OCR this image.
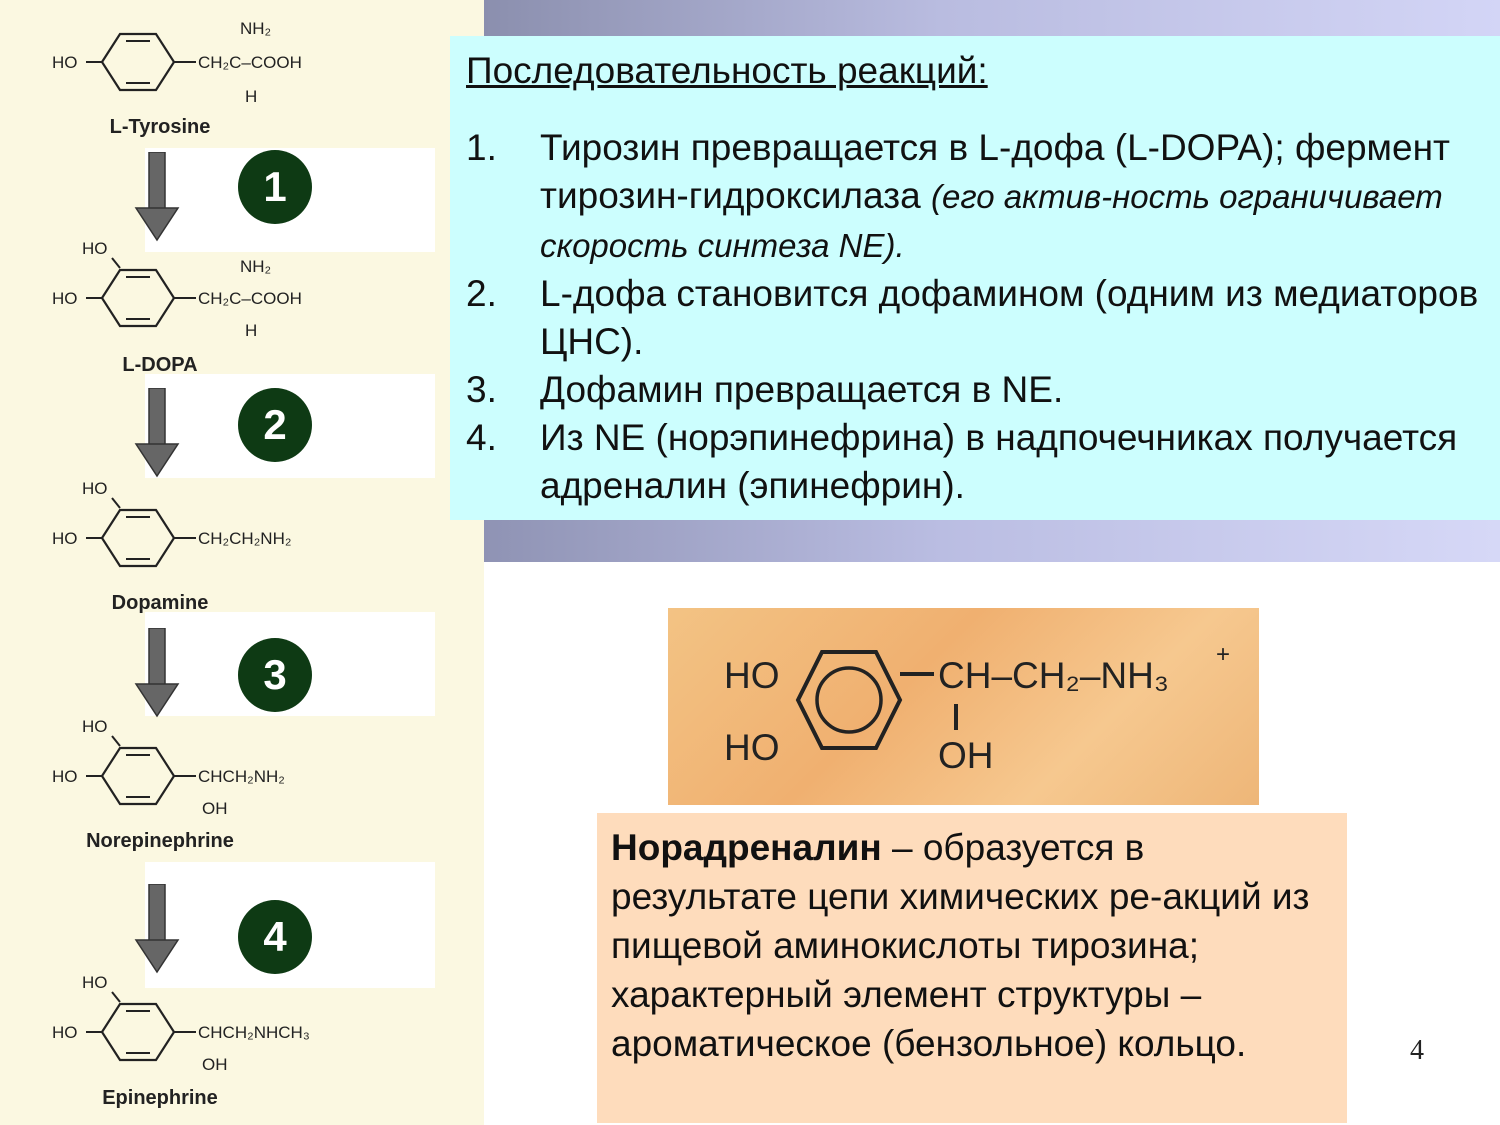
HO	CH₂C–COOH
NH₂
H
L-Tyrosine
1
HO
HO	CH₂C–COOH
NH₂
H
L-DOPA
2
HO
HO	CH₂CH₂NH₂
Dopamine
3
HO
HO	CHCH₂NH₂
OH
Norepinephrine
4
HO
HO	CHCH₂NHCH₃
OH
Epinephrine
Последовательность реакций:
1. Тирозин превращается в L-дофа (L-DOPA); фермент тирозин-гидроксилаза (его актив-ность ограничивает скорость синтеза NE).
2. L-дофа становится дофамином (одним из медиаторов ЦНС).
3. Дофамин превращается в NE.
4. Из NE (норэпинефрина) в надпочечниках получается адреналин (эпинефрин).
HO
HO
CH–CH₂–NH₃
+
OH

Норадреналин – образуется в результате цепи химических ре-акций из пищевой аминокислоты тирозина; характерный элемент структуры – ароматическое (бензольное) кольцо.	4
